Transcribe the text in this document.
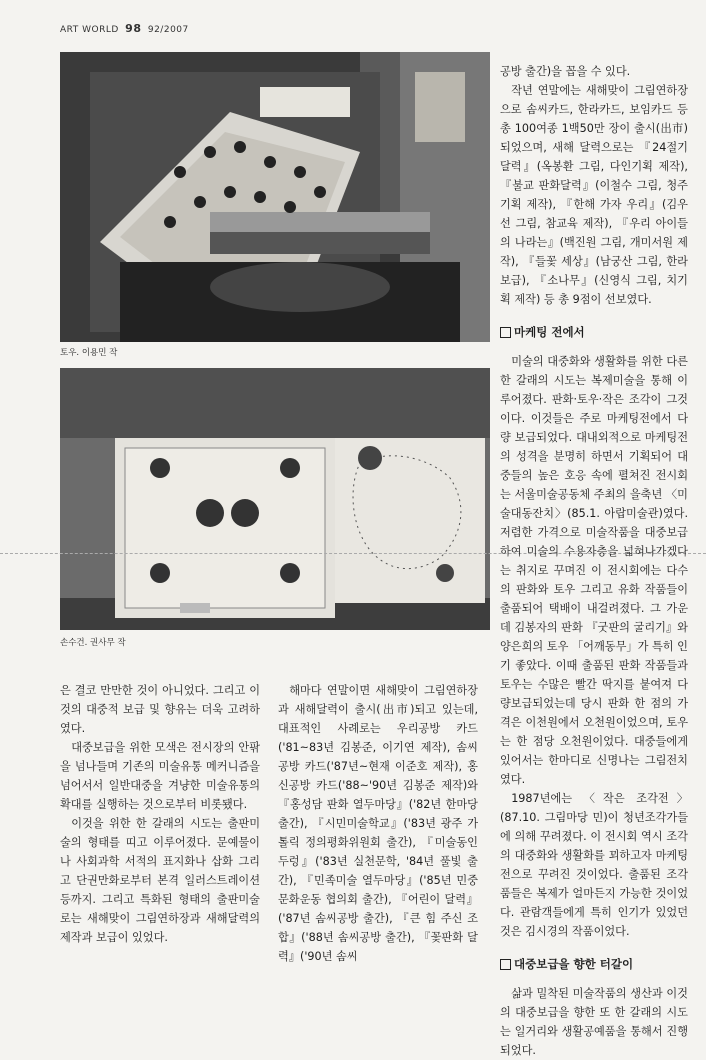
ART WORLD 98 92/2007
토우. 이용민 작
손수건. 권사무 작

공방 출간)을 꼽을 수 있다.

작년 연말에는 새해맞이 그림연하장으로 솜씨카드, 한라카드, 보임카드 등 총 100여종 1백50만 장이 출시(出市)되었으며, 새해 달력으로는 『24절기 달력』(옥봉환 그림, 다인기획 제작), 『불교 판화달력』(이철수 그림, 청주기획 제작), 『한해 가자 우리』(김우선 그림, 참교육 제작), 『우리 아이들의 나라는』(백진원 그림, 개미서원 제작), 『들꽃 세상』(남궁산 그림, 한라 보급), 『소나무』(신영식 그림, 치기획 제작) 등 총 9점이 선보였다.

마케팅 전에서

미술의 대중화와 생활화를 위한 다른 한 갈래의 시도는 복제미술을 통해 이루어졌다. 판화·토우·작은 조각이 그것이다. 이것들은 주로 마케팅전에서 다량 보급되었다. 대내외적으로 마케팅전의 성격을 분명히 하면서 기획되어 대중들의 높은 호응 속에 펼쳐진 전시회는 서울미술공동체 주최의 을축년 〈미술대동잔치〉(85.1. 아랍미술관)였다. 저렴한 가격으로 미술작품을 대중보급하여 미술의 수용자층을 넓혀나가겠다는 취지로 꾸며진 이 전시회에는 다수의 판화와 토우 그리고 유화 작품들이 출품되어 택배이 내걸려졌다. 그 가운데 김봉자의 판화 『굿판의 굴리기』와 양은희의 토우 「어깨동무」가 특히 인기 좋았다. 이때 출품된 판화 작품들과 토우는 수많은 빨간 딱지를 붙여져 다량보급되었는데 당시 판화 한 점의 가격은 이천원에서 오천원이었으며, 토우는 한 점당 오천원이었다. 대중들에게 있어서는 한마디로 신명나는 그림전치였다.

1987년에는 〈작은 조각전〉(87.10. 그림마당 민)이 청년조각가들에 의해 꾸려졌다. 이 전시회 역시 조각의 대중화와 생활화를 꾀하고자 마케팅전으로 꾸려진 것이었다. 출품된 조각품들은 복제가 얼마든지 가능한 것이었다. 관람객들에게 특히 인기가 있었던 것은 김시경의 작품이었다.

대중보급을 향한 터갈이

삶과 밀착된 미술작품의 생산과 이것의 대중보급을 향한 또 한 갈래의 시도는 일거리와 생활공예품을 통해서 진행되었다.

은 결코 만만한 것이 아니었다. 그리고 이것의 대중적 보급 및 향유는 더욱 고려하였다.

대중보급을 위한 모색은 전시장의 안팎을 넘나들며 기존의 미술유통 메커니즘을 넘어서서 일반대중을 겨냥한 미술유통의 확대를 실행하는 것으로부터 비롯됐다.

이것을 위한 한 갈래의 시도는 출판미술의 형태를 띠고 이루어졌다. 문예물이나 사회과학 서적의 표지화나 삽화 그리고 단권만화로부터 본격 일러스트레이션등까지. 그리고 특화된 형태의 출판미술로는 새해맞이 그림연하장과 새해달력의 제작과 보급이 있었다.

해마다 연말이면 새해맞이 그림연하장과 새해달력이 출시(出市)되고 있는데, 대표적인 사례로는 우리공방 카드('81~83년 김봉준, 이기연 제작), 솜씨공방 카드('87년~현재 이준호 제작), 홍신공방 카드('88~'90년 김봉준 제작)와 『홍성담 판화 열두마당』('82년 한마당 출간), 『시민미술학교』('83년 광주 가톨릭 정의평화위원회 출간), 『미술동인 두렁』('83년 실천문학, '84년 풀빛 출간), 『민족미술 열두마당』('85년 민중문화운동 협의회 출간), 『어린이 달력』('87년 솜씨공방 출간), 『큰 힘 주신 조합』('88년 솜씨공방 출간), 『꽃판화 달력』('90년 솜씨
